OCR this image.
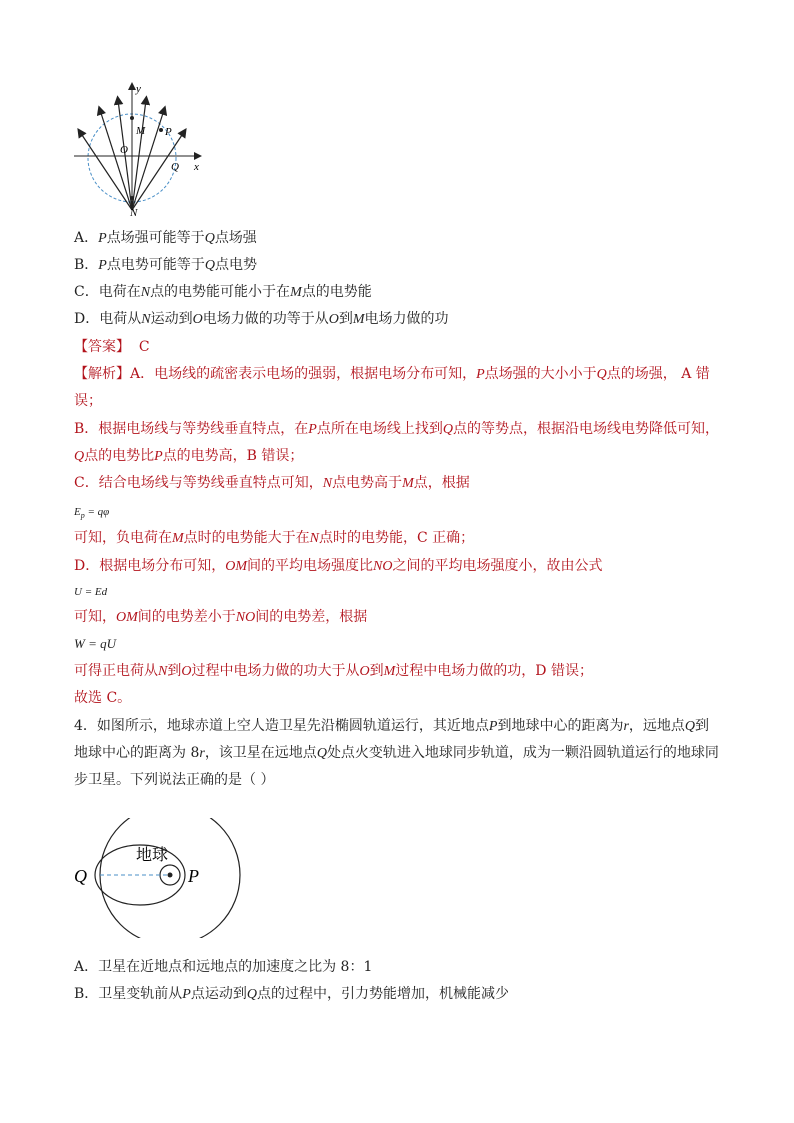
y
x
M P
O
Q
N
A．P点场强可能等于Q点场强
B．P点电势可能等于Q点电势
C．电荷在N点的电势能可能小于在M点的电势能
D．电荷从N运动到O电场力做的功等于从O到M电场力做的功
【答案】 C
【解析】A．电场线的疏密表示电场的强弱，根据电场分布可知，P点场强的大小小于Q点的场强， A 错
误；
B．根据电场线与等势线垂直特点，在P点所在电场线上找到Q点的等势点，根据沿电场线电势降低可知，
Q点的电势比P点的电势高，B 错误；
C．结合电场线与等势线垂直特点可知，N点电势高于M点，根据
$E_p = q\varphi$
可知，负电荷在M点时的电势能大于在N点时的电势能，C 正确；
D．根据电场分布可知，OM间的平均电场强度比NO之间的平均电场强度小，故由公式
U = Ed
可知，OM间的电势差小于NO间的电势差，根据
W = qU
可得正电荷从N到O过程中电场力做的功大于从O到M过程中电场力做的功，D 错误；
故选 C。
4．如图所示，地球赤道上空人造卫星先沿椭圆轨道运行，其近地点P到地球中心的距离为r，远地点Q到
地球中心的距离为 8r，该卫星在远地点Q处点火变轨进入地球同步轨道，成为一颗沿圆轨道运行的地球同
步卫星。下列说法正确的是（ ）
地球
Q	P
A．卫星在近地点和远地点的加速度之比为 8：1
B．卫星变轨前从P点运动到Q点的过程中，引力势能增加，机械能减少
